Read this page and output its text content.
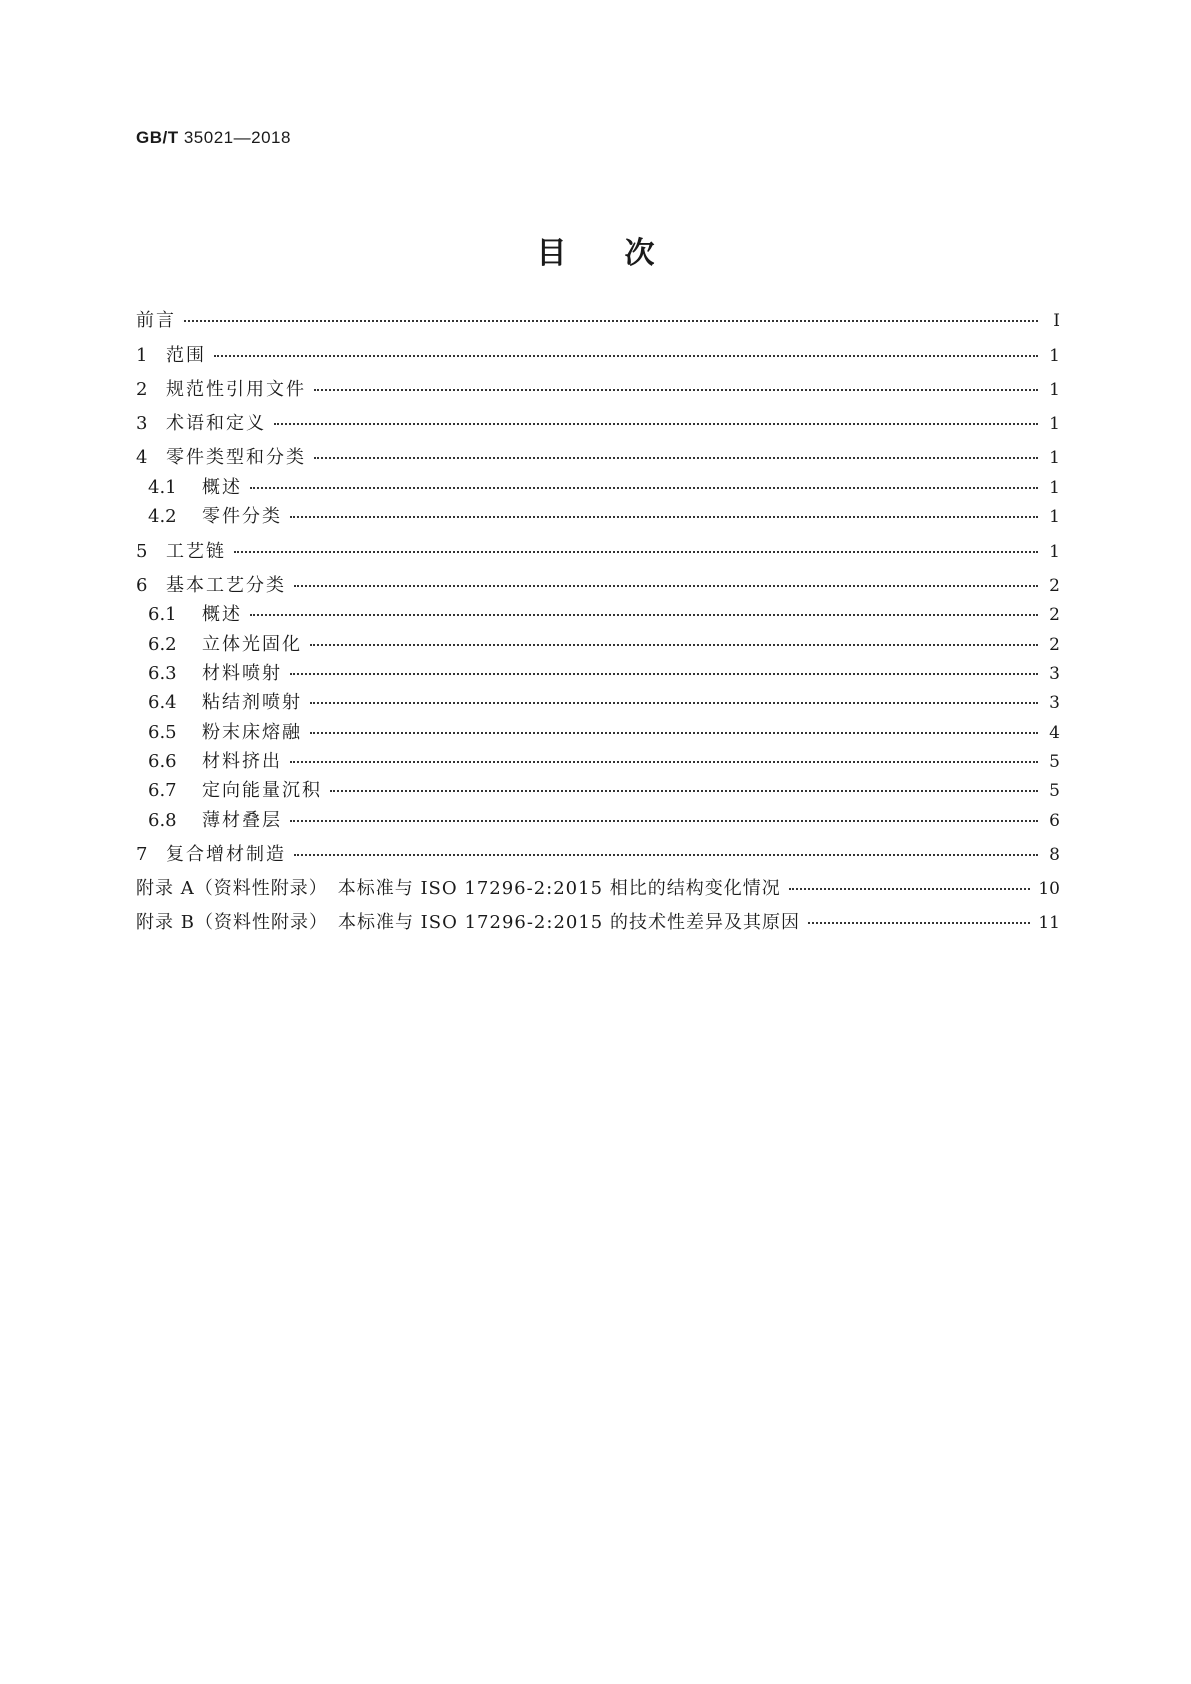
GB/T 35021—2018
目次
前言	Ⅰ
1	范围	1
2	规范性引用文件	1
3	术语和定义	1
4	零件类型和分类	1
4.1	概述	1
4.2	零件分类	1
5	工艺链	1
6	基本工艺分类	2
6.1	概述	2
6.2	立体光固化	2
6.3	材料喷射	3
6.4	粘结剂喷射	3
6.5	粉末床熔融	4
6.6	材料挤出	5
6.7	定向能量沉积	5
6.8	薄材叠层	6
7	复合增材制造	8
附录 A（资料性附录）　本标准与 ISO 17296-2:2015 相比的结构变化情况	10
附录 B（资料性附录）　本标准与 ISO 17296-2:2015 的技术性差异及其原因	11
